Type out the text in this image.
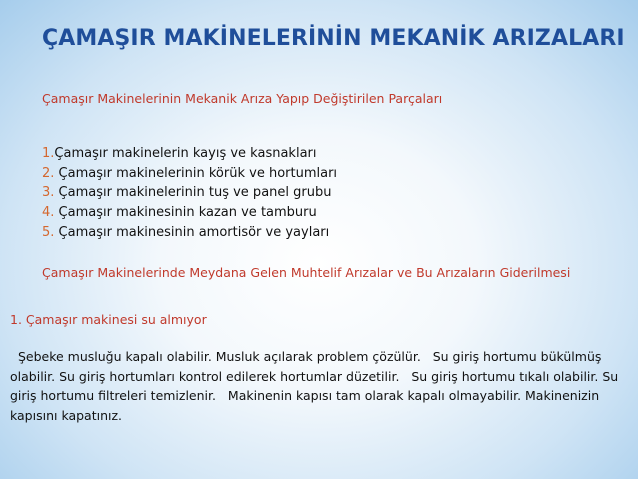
ÇAMAŞIR MAKİNELERİNİN MEKANİK ARIZALARI
Çamaşır Makinelerinin Mekanik Arıza Yapıp Değiştirilen Parçaları
1.Çamaşır makinelerin kayış ve kasnakları
2. Çamaşır makinelerinin körük ve hortumları
3. Çamaşır makinelerinin tuş ve panel grubu
4. Çamaşır makinesinin kazan ve tamburu
5. Çamaşır makinesinin amortisör ve yayları
Çamaşır Makinelerinde Meydana Gelen Muhtelif Arızalar ve Bu Arızaların Giderilmesi
1. Çamaşır makinesi su almıyor

Şebeke musluğu kapalı olabilir. Musluk açılarak problem çözülür.   Su giriş hortumu bükülmüş olabilir. Su giriş hortumları kontrol edilerek hortumlar düzetilir.   Su giriş hortumu tıkalı olabilir. Su giriş hortumu filtreleri temizlenir.   Makinenin kapısı tam olarak kapalı olmayabilir. Makinenizin kapısını kapatınız.
